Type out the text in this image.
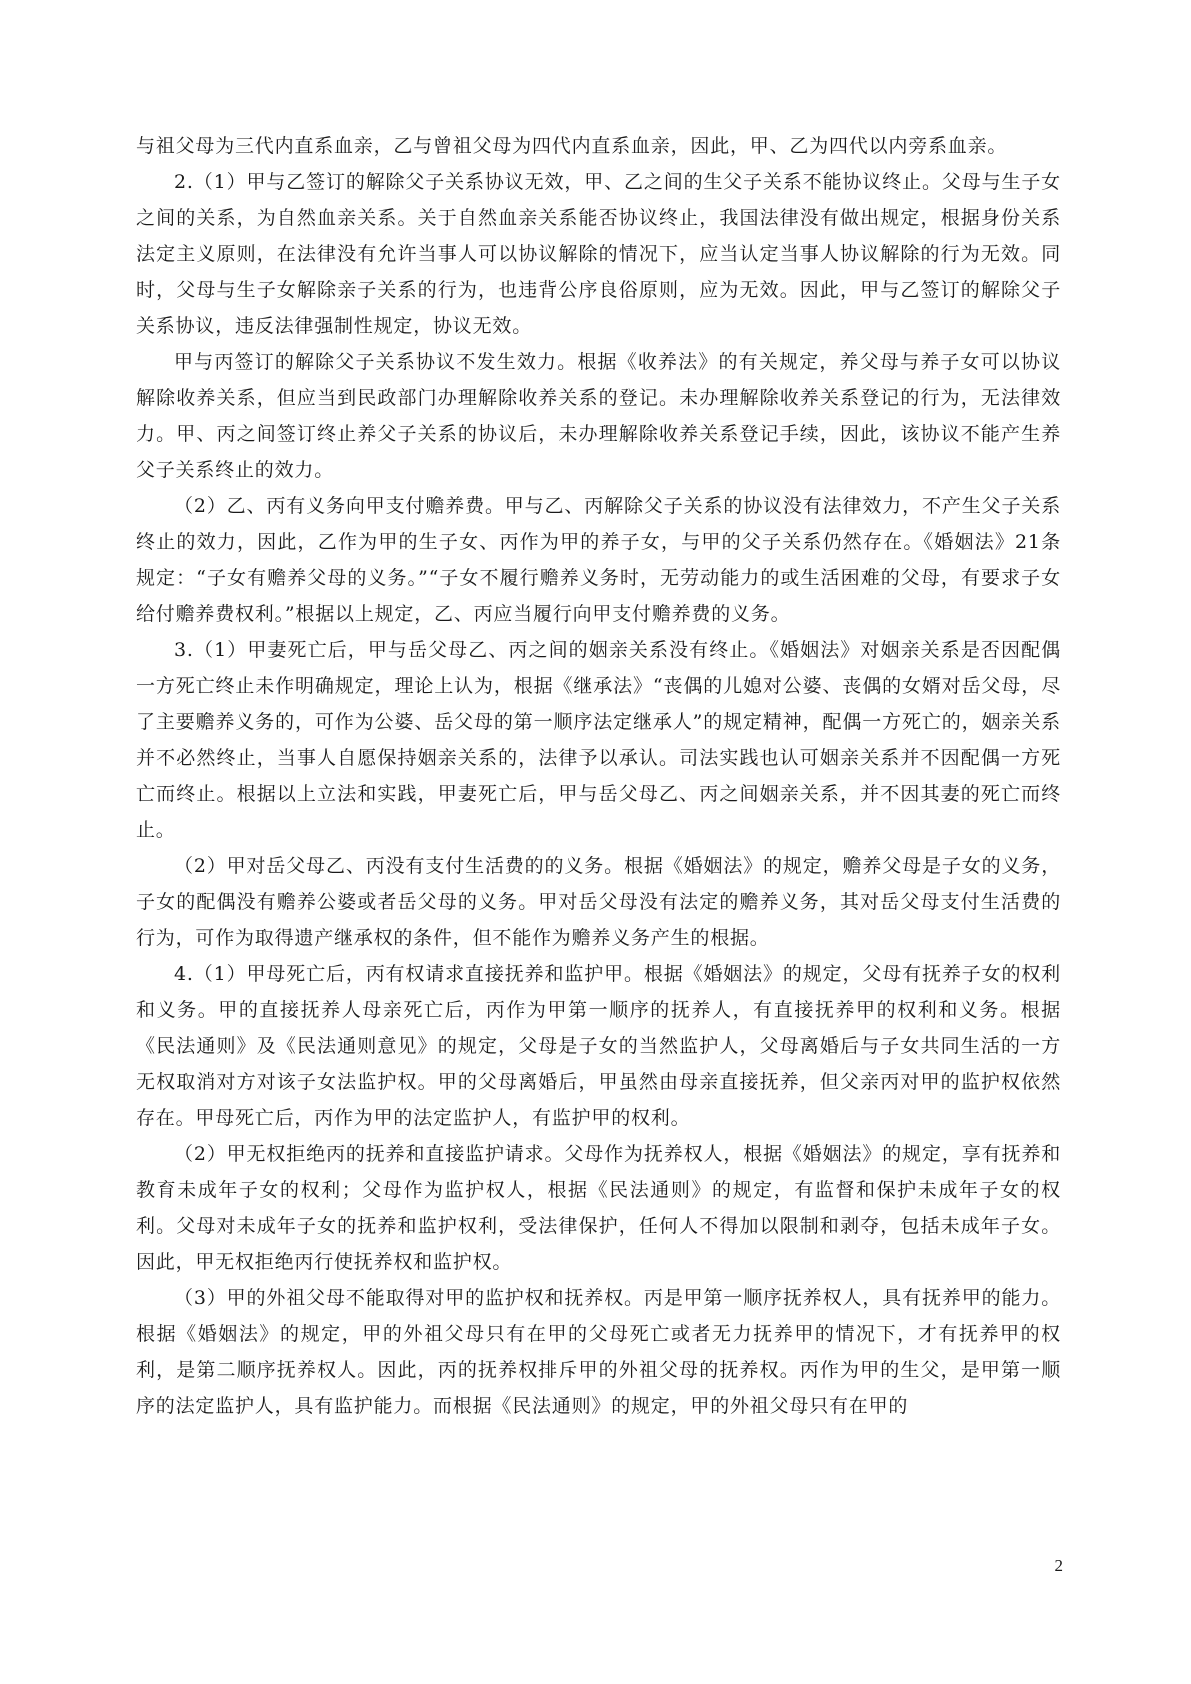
与祖父母为三代内直系血亲，乙与曾祖父母为四代内直系血亲，因此，甲、乙为四代以内旁系血亲。

2.（1）甲与乙签订的解除父子关系协议无效，甲、乙之间的生父子关系不能协议终止。父母与生子女之间的关系，为自然血亲关系。关于自然血亲关系能否协议终止，我国法律没有做出规定，根据身份关系法定主义原则，在法律没有允许当事人可以协议解除的情况下，应当认定当事人协议解除的行为无效。同时，父母与生子女解除亲子关系的行为，也违背公序良俗原则，应为无效。因此，甲与乙签订的解除父子关系协议，违反法律强制性规定，协议无效。

甲与丙签订的解除父子关系协议不发生效力。根据《收养法》的有关规定，养父母与养子女可以协议解除收养关系，但应当到民政部门办理解除收养关系的登记。未办理解除收养关系登记的行为，无法律效力。甲、丙之间签订终止养父子关系的协议后，未办理解除收养关系登记手续，因此，该协议不能产生养父子关系终止的效力。

（2）乙、丙有义务向甲支付赡养费。甲与乙、丙解除父子关系的协议没有法律效力，不产生父子关系终止的效力，因此，乙作为甲的生子女、丙作为甲的养子女，与甲的父子关系仍然存在。《婚姻法》21条规定：“子女有赡养父母的义务。”“子女不履行赡养义务时，无劳动能力的或生活困难的父母，有要求子女给付赡养费权利。”根据以上规定，乙、丙应当履行向甲支付赡养费的义务。

3.（1）甲妻死亡后，甲与岳父母乙、丙之间的姻亲关系没有终止。《婚姻法》对姻亲关系是否因配偶一方死亡终止未作明确规定，理论上认为，根据《继承法》“丧偶的儿媳对公婆、丧偶的女婿对岳父母，尽了主要赡养义务的，可作为公婆、岳父母的第一顺序法定继承人”的规定精神，配偶一方死亡的，姻亲关系并不必然终止，当事人自愿保持姻亲关系的，法律予以承认。司法实践也认可姻亲关系并不因配偶一方死亡而终止。根据以上立法和实践，甲妻死亡后，甲与岳父母乙、丙之间姻亲关系，并不因其妻的死亡而终止。

（2）甲对岳父母乙、丙没有支付生活费的的义务。根据《婚姻法》的规定，赡养父母是子女的义务，子女的配偶没有赡养公婆或者岳父母的义务。甲对岳父母没有法定的赡养义务，其对岳父母支付生活费的行为，可作为取得遗产继承权的条件，但不能作为赡养义务产生的根据。

4.（1）甲母死亡后，丙有权请求直接抚养和监护甲。根据《婚姻法》的规定，父母有抚养子女的权利和义务。甲的直接抚养人母亲死亡后，丙作为甲第一顺序的抚养人，有直接抚养甲的权利和义务。根据《民法通则》及《民法通则意见》的规定，父母是子女的当然监护人，父母离婚后与子女共同生活的一方无权取消对方对该子女法监护权。甲的父母离婚后，甲虽然由母亲直接抚养，但父亲丙对甲的监护权依然存在。甲母死亡后，丙作为甲的法定监护人，有监护甲的权利。

（2）甲无权拒绝丙的抚养和直接监护请求。父母作为抚养权人，根据《婚姻法》的规定，享有抚养和教育未成年子女的权利；父母作为监护权人，根据《民法通则》的规定，有监督和保护未成年子女的权利。父母对未成年子女的抚养和监护权利，受法律保护，任何人不得加以限制和剥夺，包括未成年子女。因此，甲无权拒绝丙行使抚养权和监护权。

（3）甲的外祖父母不能取得对甲的监护权和抚养权。丙是甲第一顺序抚养权人，具有抚养甲的能力。根据《婚姻法》的规定，甲的外祖父母只有在甲的父母死亡或者无力抚养甲的情况下，才有抚养甲的权利，是第二顺序抚养权人。因此，丙的抚养权排斥甲的外祖父母的抚养权。丙作为甲的生父，是甲第一顺序的法定监护人，具有监护能力。而根据《民法通则》的规定，甲的外祖父母只有在甲的

2
